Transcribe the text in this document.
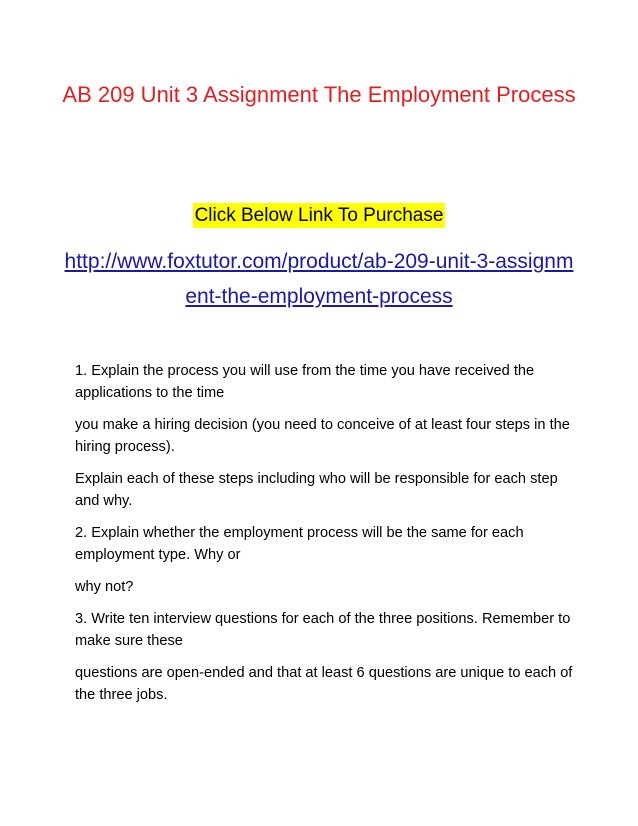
AB 209 Unit 3 Assignment The Employment Process
Click Below Link To Purchase
http://www.foxtutor.com/product/ab-209-unit-3-assignment-the-employment-process

1. Explain the process you will use from the time you have received the applications to the time

you make a hiring decision (you need to conceive of at least four steps in the hiring process).

Explain each of these steps including who will be responsible for each step and why.

2. Explain whether the employment process will be the same for each employment type. Why or

why not?

3. Write ten interview questions for each of the three positions. Remember to make sure these

questions are open-ended and that at least 6 questions are unique to each of the three jobs.
